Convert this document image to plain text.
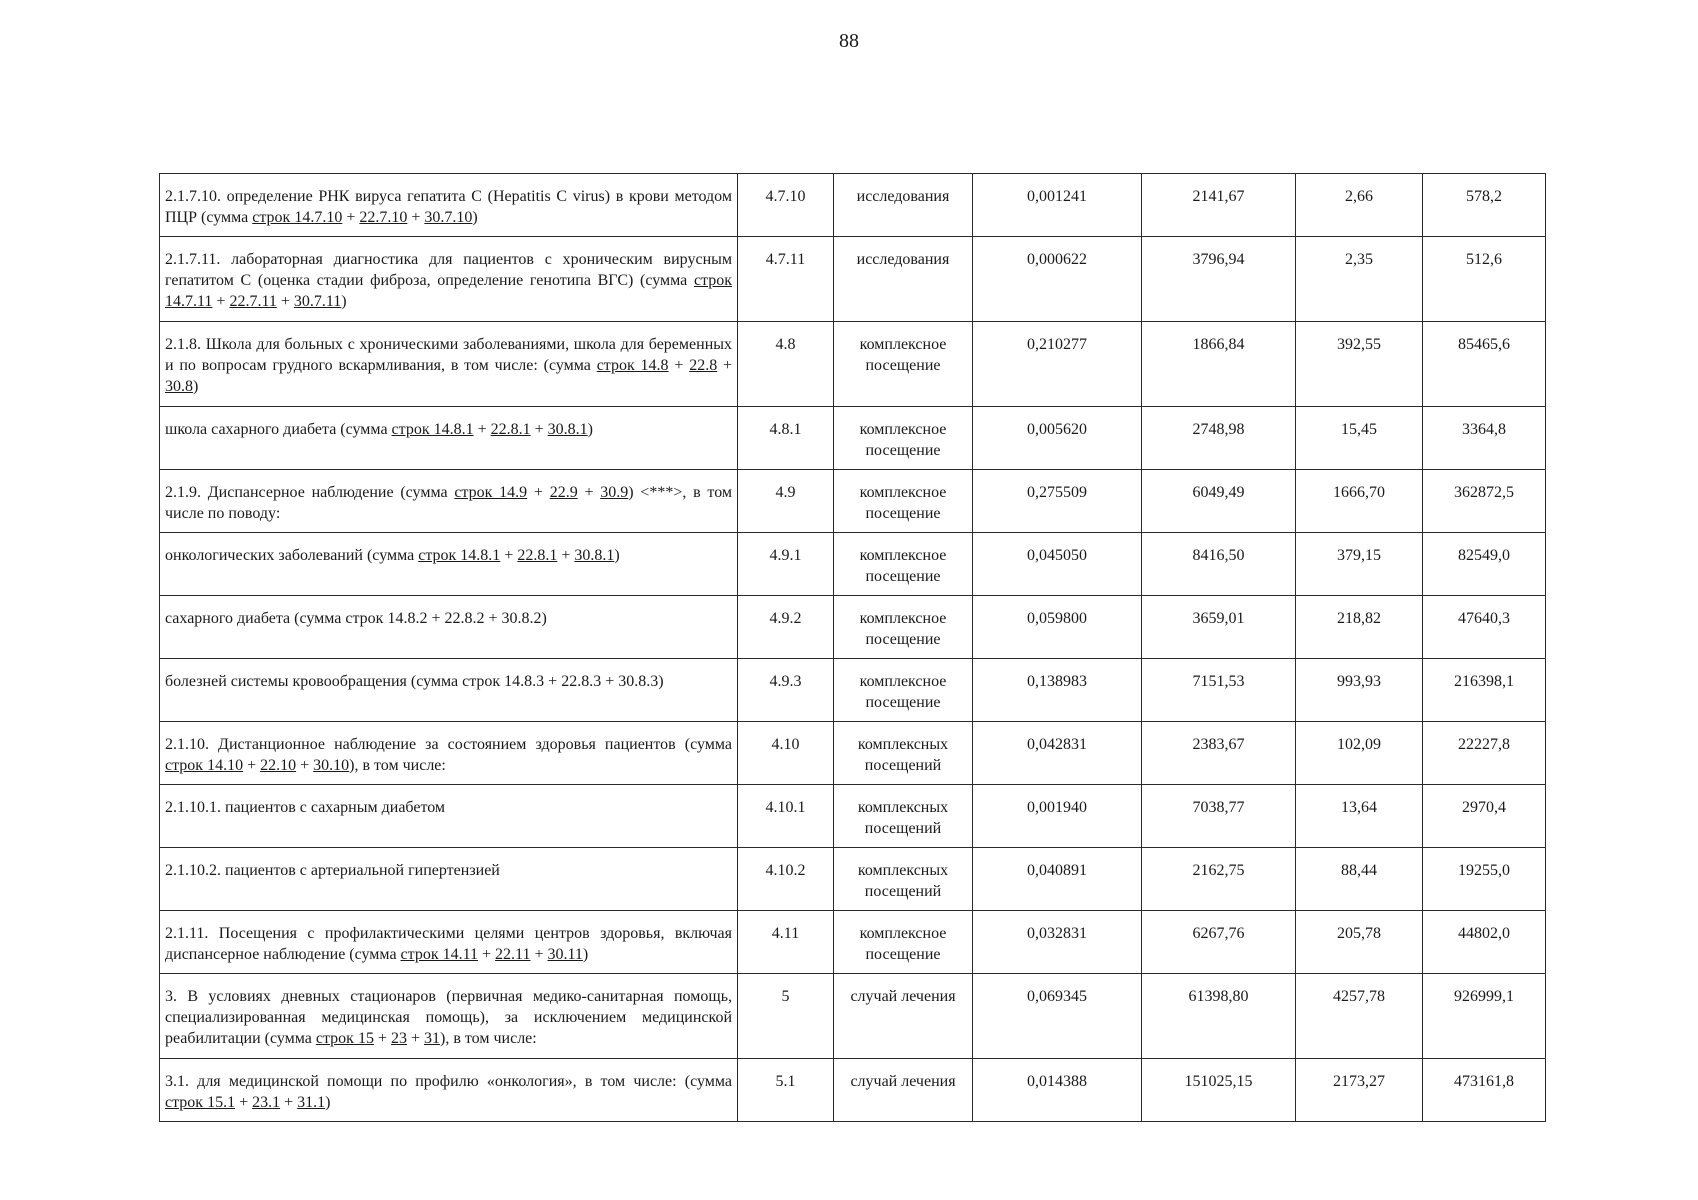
88
2.1.7.10. определение РНК вируса гепатита C (Hepatitis C virus) в крови методом ПЦР (сумма строк 14.7.10 + 22.7.10 + 30.7.10)	4.7.10	исследования	0,001241	2141,67	2,66	578,2
2.1.7.11. лабораторная диагностика для пациентов с хроническим вирусным гепатитом C (оценка стадии фиброза, определение генотипа ВГС) (сумма строк 14.7.11 + 22.7.11 + 30.7.11)	4.7.11	исследования	0,000622	3796,94	2,35	512,6
2.1.8. Школа для больных с хроническими заболеваниями, школа для беременных и по вопросам грудного вскармливания, в том числе: (сумма строк 14.8 + 22.8 + 30.8)	4.8	комплексное посещение	0,210277	1866,84	392,55	85465,6
школа сахарного диабета (сумма строк 14.8.1 + 22.8.1 + 30.8.1)	4.8.1	комплексное посещение	0,005620	2748,98	15,45	3364,8
2.1.9. Диспансерное наблюдение (сумма строк 14.9 + 22.9 + 30.9) <***>, в том числе по поводу:	4.9	комплексное посещение	0,275509	6049,49	1666,70	362872,5
онкологических заболеваний (сумма строк 14.8.1 + 22.8.1 + 30.8.1)	4.9.1	комплексное посещение	0,045050	8416,50	379,15	82549,0
сахарного диабета (сумма строк 14.8.2 + 22.8.2 + 30.8.2)	4.9.2	комплексное посещение	0,059800	3659,01	218,82	47640,3
болезней системы кровообращения (сумма строк 14.8.3 + 22.8.3 + 30.8.3)	4.9.3	комплексное посещение	0,138983	7151,53	993,93	216398,1
2.1.10. Дистанционное наблюдение за состоянием здоровья пациентов (сумма строк 14.10 + 22.10 + 30.10), в том числе:	4.10	комплексных посещений	0,042831	2383,67	102,09	22227,8
2.1.10.1. пациентов с сахарным диабетом	4.10.1	комплексных посещений	0,001940	7038,77	13,64	2970,4
2.1.10.2. пациентов с артериальной гипертензией	4.10.2	комплексных посещений	0,040891	2162,75	88,44	19255,0
2.1.11. Посещения с профилактическими целями центров здоровья, включая диспансерное наблюдение (сумма строк 14.11 + 22.11 + 30.11)	4.11	комплексное посещение	0,032831	6267,76	205,78	44802,0
3. В условиях дневных стационаров (первичная медико-санитарная помощь, специализированная медицинская помощь), за исключением медицинской реабилитации (сумма строк 15 + 23 + 31), в том числе:	5	случай лечения	0,069345	61398,80	4257,78	926999,1
3.1. для медицинской помощи по профилю «онкология», в том числе: (сумма строк 15.1 + 23.1 + 31.1)	5.1	случай лечения	0,014388	151025,15	2173,27	473161,8
